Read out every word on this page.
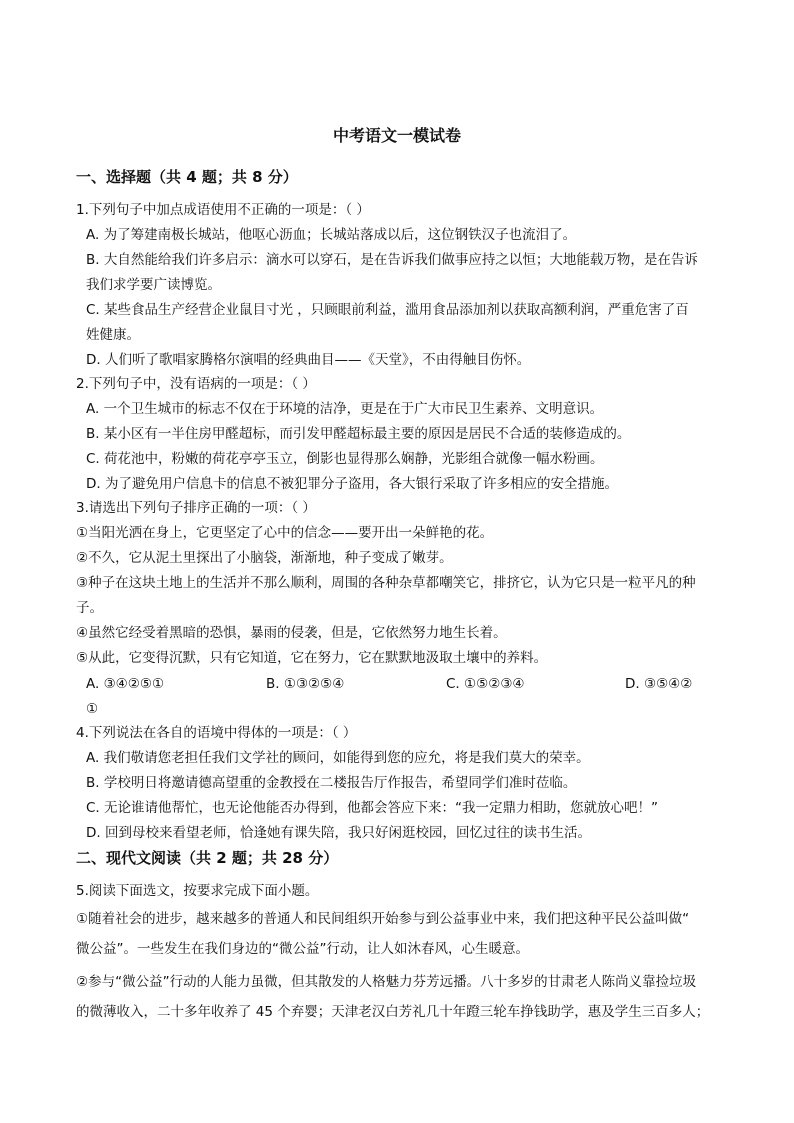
中考语文一模试卷
一、选择题（共 4 题；共 8 分）
1.下列句子中加点成语使用不正确的一项是：（ ）
A. 为了筹建南极长城站，他呕心沥血；长城站落成以后，这位钢铁汉子也流泪了。
B. 大自然能给我们许多启示：滴水可以穿石，是在告诉我们做事应持之以恒；大地能载万物，是在告诉
我们求学要广读博览。
C. 某些食品生产经营企业鼠目寸光 ，只顾眼前利益，滥用食品添加剂以获取高额利润，严重危害了百
姓健康。
D. 人们听了歌唱家腾格尔演唱的经典曲目——《天堂》，不由得触目伤怀。
2.下列句子中，没有语病的一项是：（ ）
A. 一个卫生城市的标志不仅在于环境的洁净，更是在于广大市民卫生素养、文明意识。
B. 某小区有一半住房甲醛超标，而引发甲醛超标最主要的原因是居民不合适的装修造成的。
C. 荷花池中，粉嫩的荷花亭亭玉立，倒影也显得那么娴静，光影组合就像一幅水粉画。
D. 为了避免用户信息卡的信息不被犯罪分子盗用，各大银行采取了许多相应的安全措施。
3.请选出下列句子排序正确的一项：（ ）
①当阳光洒在身上，它更坚定了心中的信念——要开出一朵鲜艳的花。
②不久，它从泥土里探出了小脑袋，渐渐地，种子变成了嫩芽。
③种子在这块土地上的生活并不那么顺利，周围的各种杂草都嘲笑它，排挤它，认为它只是一粒平凡的种
子。
④虽然它经受着黑暗的恐惧，暴雨的侵袭，但是，它依然努力地生长着。
⑤从此，它变得沉默，只有它知道，它在努力，它在默默地汲取土壤中的养料。
A. ③④②⑤①	B. ①③②⑤④	C. ①⑤②③④	D. ③⑤④②
①
4.下列说法在各自的语境中得体的一项是：（ ）
A. 我们敬请您老担任我们文学社的顾问，如能得到您的应允，将是我们莫大的荣幸。
B. 学校明日将邀请德高望重的金教授在二楼报告厅作报告，希望同学们准时莅临。
C. 无论谁请他帮忙，也无论他能否办得到，他都会答应下来：“我一定鼎力相助，您就放心吧！”
D. 回到母校来看望老师，恰逢她有课失陪，我只好闲逛校园，回忆过往的读书生活。
二、现代文阅读（共 2 题；共 28 分）
5.阅读下面选文，按要求完成下面小题。
①随着社会的进步，越来越多的普通人和民间组织开始参与到公益事业中来，我们把这种平民公益叫做“
微公益”。一些发生在我们身边的“微公益”行动，让人如沐春风，心生暖意。
②参与“微公益”行动的人能力虽微，但其散发的人格魅力芬芳远播。八十多岁的甘肃老人陈尚义靠捡垃圾
的微薄收入，二十多年收养了 45 个弃婴；天津老汉白芳礼几十年蹬三轮车挣钱助学，惠及学生三百多人；
